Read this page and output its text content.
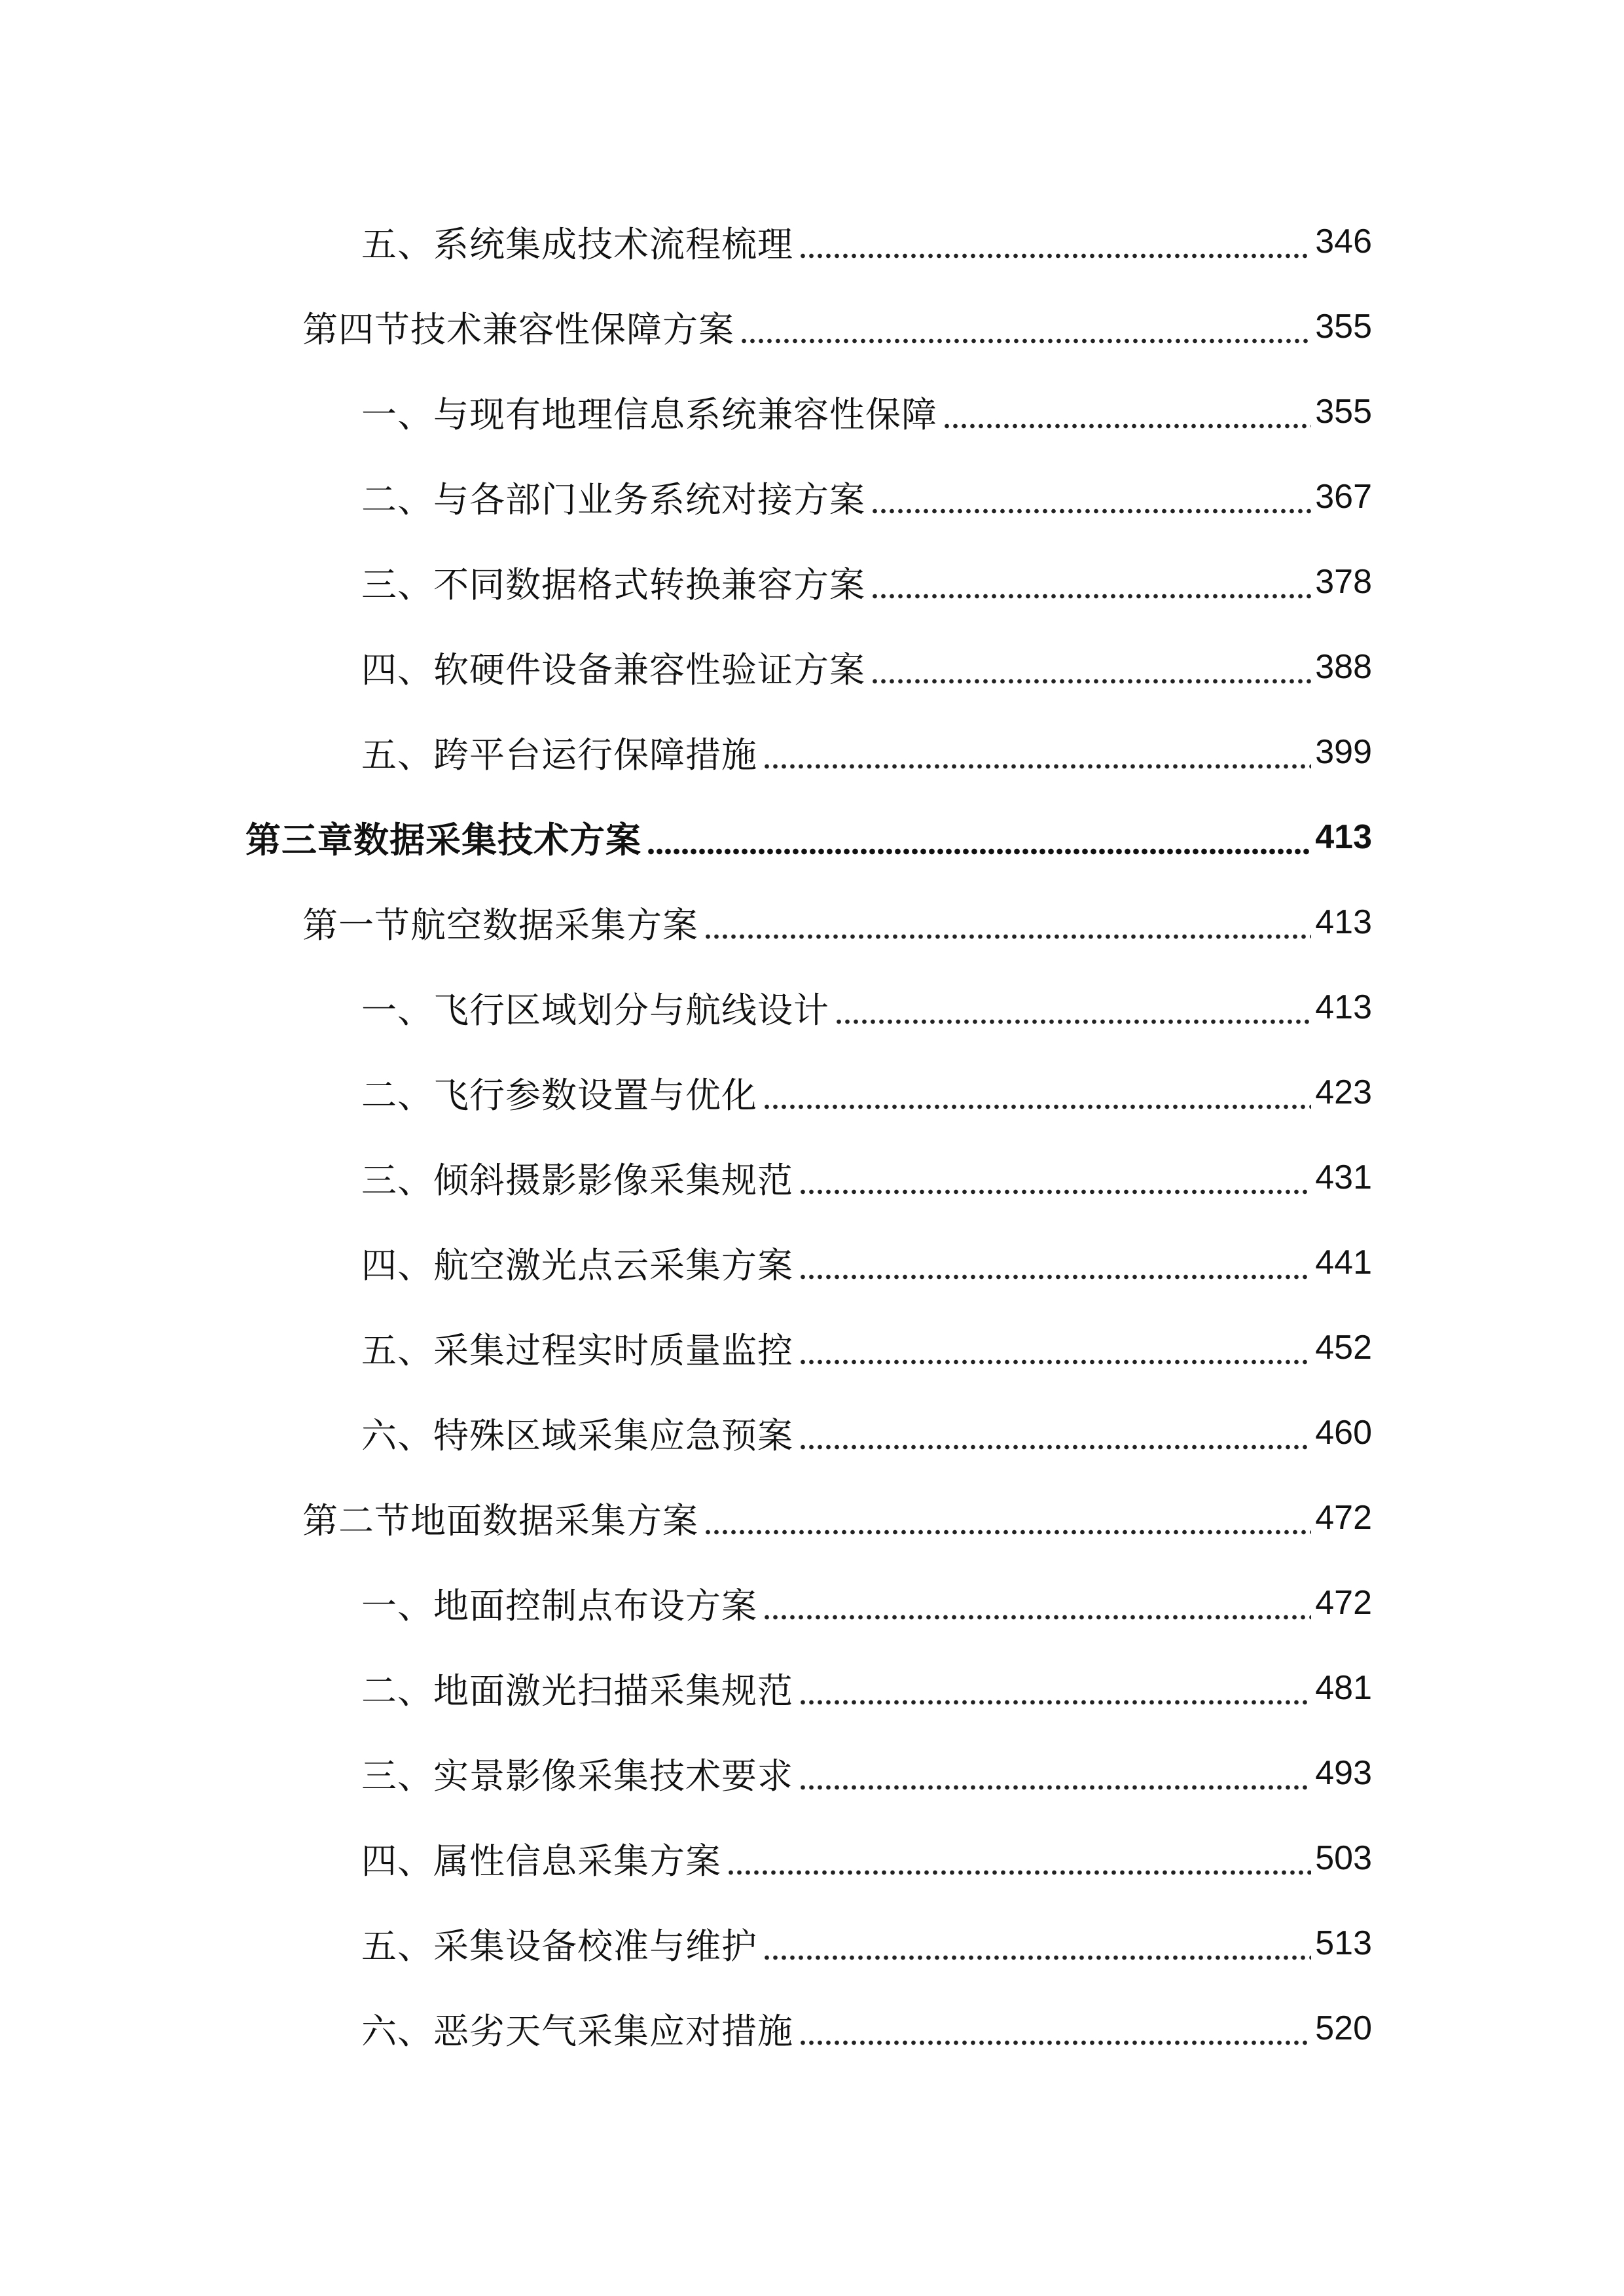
五、系统集成技术流程梳理	346
第四节技术兼容性保障方案	355
一、与现有地理信息系统兼容性保障	355
二、与各部门业务系统对接方案	367
三、不同数据格式转换兼容方案	378
四、软硬件设备兼容性验证方案	388
五、跨平台运行保障措施	399
第三章数据采集技术方案	413
第一节航空数据采集方案	413
一、飞行区域划分与航线设计	413
二、飞行参数设置与优化	423
三、倾斜摄影影像采集规范	431
四、航空激光点云采集方案	441
五、采集过程实时质量监控	452
六、特殊区域采集应急预案	460
第二节地面数据采集方案	472
一、地面控制点布设方案	472
二、地面激光扫描采集规范	481
三、实景影像采集技术要求	493
四、属性信息采集方案	503
五、采集设备校准与维护	513
六、恶劣天气采集应对措施	520
